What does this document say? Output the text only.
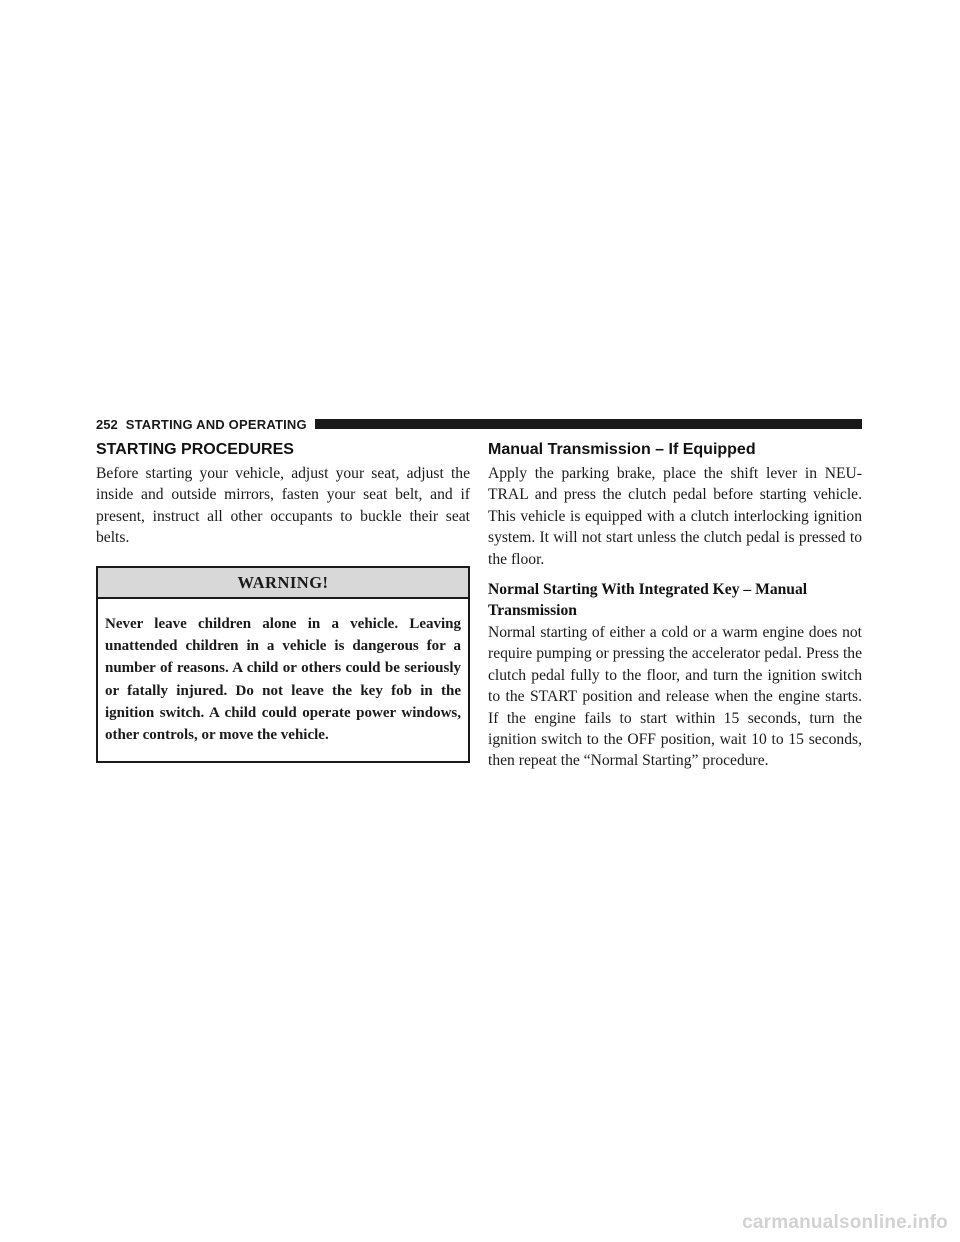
252 STARTING AND OPERATING
STARTING PROCEDURES

Before starting your vehicle, adjust your seat, adjust the inside and outside mirrors, fasten your seat belt, and if present, instruct all other occupants to buckle their seat belts.

WARNING!
Never leave children alone in a vehicle. Leaving unattended children in a vehicle is dangerous for a number of reasons. A child or others could be seriously or fatally injured. Do not leave the key fob in the ignition switch. A child could operate power windows, other controls, or move the vehicle.
Manual Transmission – If Equipped

Apply the parking brake, place the shift lever in NEUTRAL and press the clutch pedal before starting vehicle. This vehicle is equipped with a clutch interlocking ignition system. It will not start unless the clutch pedal is pressed to the floor.

Normal Starting With Integrated Key – Manual Transmission

Normal starting of either a cold or a warm engine does not require pumping or pressing the accelerator pedal. Press the clutch pedal fully to the floor, and turn the ignition switch to the START position and release when the engine starts. If the engine fails to start within 15 seconds, turn the ignition switch to the OFF position, wait 10 to 15 seconds, then repeat the “Normal Starting” procedure.

carmanualsonline.info
